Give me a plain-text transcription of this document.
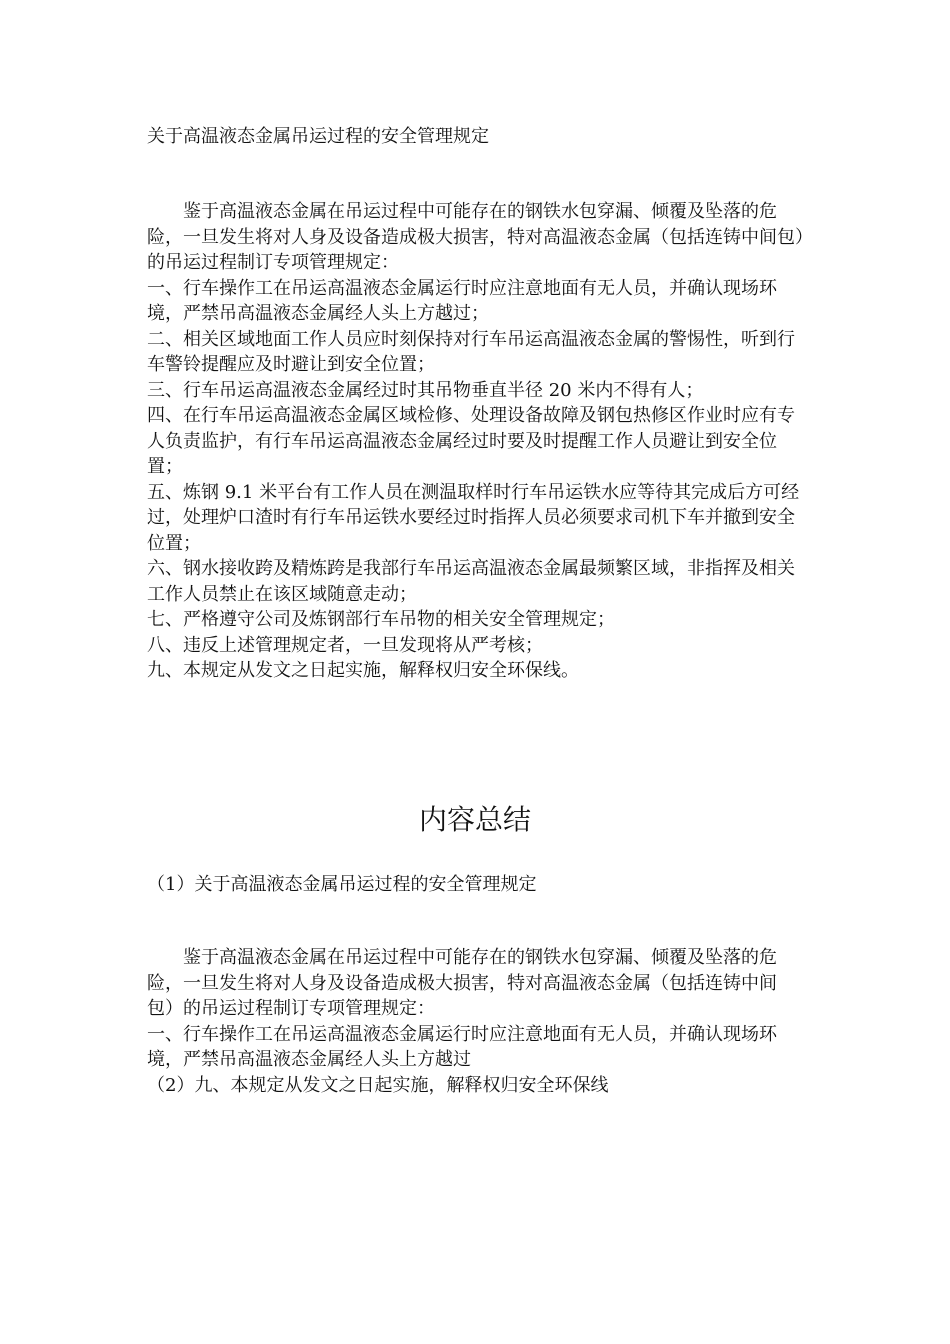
关于高温液态金属吊运过程的安全管理规定

鉴于高温液态金属在吊运过程中可能存在的钢铁水包穿漏、倾覆及坠落的危险，一旦发生将对人身及设备造成极大损害，特对高温液态金属（包括连铸中间包）的吊运过程制订专项管理规定：

一、行车操作工在吊运高温液态金属运行时应注意地面有无人员，并确认现场环境，严禁吊高温液态金属经人头上方越过；

二、相关区域地面工作人员应时刻保持对行车吊运高温液态金属的警惕性，听到行车警铃提醒应及时避让到安全位置；

三、行车吊运高温液态金属经过时其吊物垂直半径 20 米内不得有人；

四、在行车吊运高温液态金属区域检修、处理设备故障及钢包热修区作业时应有专人负责监护，有行车吊运高温液态金属经过时要及时提醒工作人员避让到安全位置；

五、炼钢 9.1 米平台有工作人员在测温取样时行车吊运铁水应等待其完成后方可经过，处理炉口渣时有行车吊运铁水要经过时指挥人员必须要求司机下车并撤到安全位置；

六、钢水接收跨及精炼跨是我部行车吊运高温液态金属最频繁区域，非指挥及相关工作人员禁止在该区域随意走动；

七、严格遵守公司及炼钢部行车吊物的相关安全管理规定；

八、违反上述管理规定者，一旦发现将从严考核；

九、本规定从发文之日起实施，解释权归安全环保线。

内容总结
（1）关于高温液态金属吊运过程的安全管理规定

鉴于高温液态金属在吊运过程中可能存在的钢铁水包穿漏、倾覆及坠落的危险，一旦发生将对人身及设备造成极大损害，特对高温液态金属（包括连铸中间包）的吊运过程制订专项管理规定：

一、行车操作工在吊运高温液态金属运行时应注意地面有无人员，并确认现场环境，严禁吊高温液态金属经人头上方越过

（2）九、本规定从发文之日起实施，解释权归安全环保线
